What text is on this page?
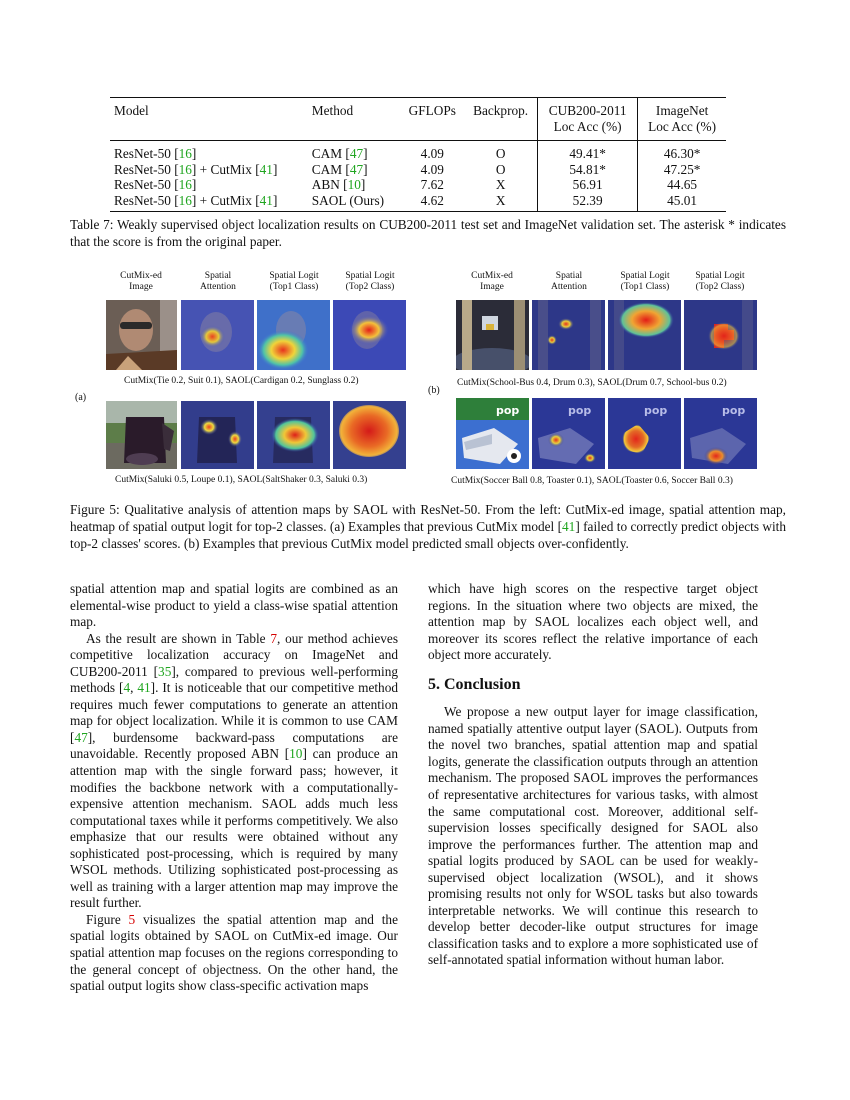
Model	Method	GFLOPs	Backprop.	CUB200-2011	ImageNet
				Loc Acc (%)	Loc Acc (%)
ResNet-50 [16]	CAM [47]	4.09	O	49.41*	46.30*
ResNet-50 [16] + CutMix [41]	CAM [47]	4.09	O	54.81*	47.25*
ResNet-50 [16]	ABN [10]	7.62	X	56.91	44.65
ResNet-50 [16] + CutMix [41]	SAOL (Ours)	4.62	X	52.39	45.01
Table 7: Weakly supervised object localization results on CUB200-2011 test set and ImageNet validation set. The asterisk * indicates that the score is from the original paper.
CutMix-ed
Image
Spatial
Attention
Spatial Logit
(Top1 Class)
Spatial Logit
(Top2 Class)
CutMix-ed
Image
Spatial
Attention
Spatial Logit
(Top1 Class)
Spatial Logit
(Top2 Class)
CutMix(Tie 0.2, Suit 0.1), SAOL(Cardigan 0.2, Sunglass 0.2)
(a)
CutMix(Saluki 0.5, Loupe 0.1), SAOL(SaltShaker 0.3, Saluki 0.3)
CutMix(School-Bus 0.4, Drum 0.3), SAOL(Drum 0.7, School-bus 0.2)
(b)
pop	pop	pop	pop
CutMix(Soccer Ball 0.8, Toaster 0.1), SAOL(Toaster 0.6, Soccer Ball 0.3)
Figure 5: Qualitative analysis of attention maps by SAOL with ResNet-50. From the left: CutMix-ed image, spatial attention map, heatmap of spatial output logit for top-2 classes. (a) Examples that previous CutMix model [41] failed to correctly predict objects with top-2 classes' scores. (b) Examples that previous CutMix model predicted small objects over-confidently.

spatial attention map and spatial logits are combined as an elemental-wise product to yield a class-wise spatial attention map.

As the result are shown in Table 7, our method achieves competitive localization accuracy on ImageNet and CUB200-2011 [35], compared to previous well-performing methods [4, 41]. It is noticeable that our competitive method requires much fewer computations to generate an attention map for object localization. While it is common to use CAM [47], burdensome backward-pass computations are unavoidable. Recently proposed ABN [10] can produce an attention map with the single forward pass; however, it modifies the backbone network with a computationally-expensive attention mechanism. SAOL adds much less computational taxes while it performs competitively. We also emphasize that our results were obtained without any sophisticated post-processing, which is required by many WSOL methods. Utilizing sophisticated post-processing as well as training with a larger attention map may improve the result further.

Figure 5 visualizes the spatial attention map and the spatial logits obtained by SAOL on CutMix-ed image. Our spatial attention map focuses on the regions corresponding to the general concept of objectness. On the other hand, the spatial output logits show class-specific activation maps

which have high scores on the respective target object regions. In the situation where two objects are mixed, the attention map by SAOL localizes each object well, and moreover its scores reflect the relative importance of each object more accurately.

5. Conclusion

We propose a new output layer for image classification, named spatially attentive output layer (SAOL). Outputs from the novel two branches, spatial attention map and spatial logits, generate the classification outputs through an attention mechanism. The proposed SAOL improves the performances of representative architectures for various tasks, with almost the same computational cost. Moreover, additional self-supervision losses specifically designed for SAOL also improve the performances further. The attention map and spatial logits produced by SAOL can be used for weakly-supervised object localization (WSOL), and it shows promising results not only for WSOL tasks but also towards interpretable networks. We will continue this research to develop better decoder-like output structures for image classification tasks and to explore a more sophisticated use of self-annotated spatial information without human labor.
